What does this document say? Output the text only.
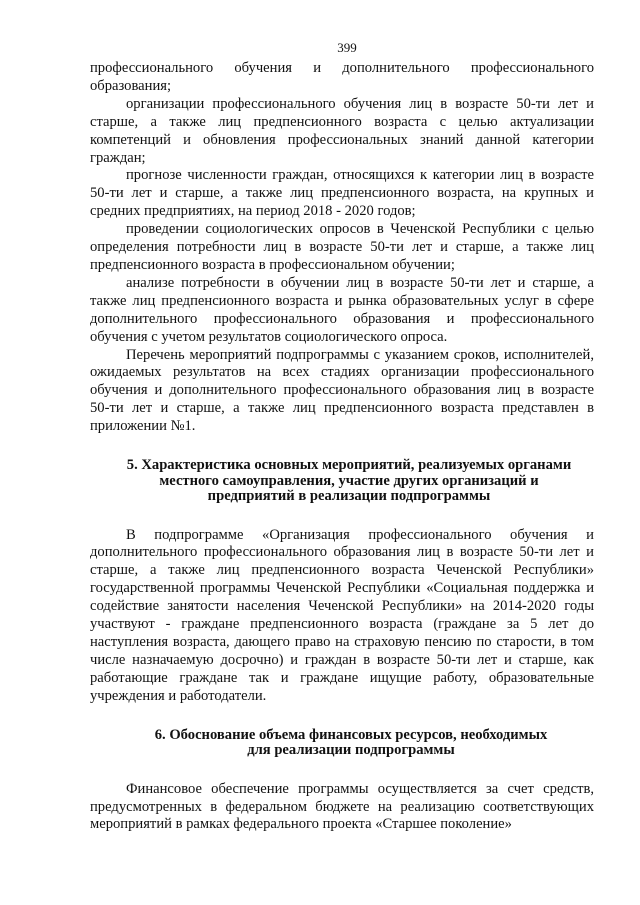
399

профессионального обучения и дополнительного профессионального образования;

организации профессионального обучения лиц в возрасте 50-ти лет и старше, а также лиц предпенсионного возраста с целью актуализации компетенций и обновления профессиональных знаний данной категории граждан;

прогнозе численности граждан, относящихся к категории лиц в возрасте 50-ти лет и старше, а также лиц предпенсионного возраста, на крупных и средних предприятиях, на период 2018 - 2020 годов;

проведении социологических опросов в Чеченской Республики с целью определения потребности лиц в возрасте 50-ти лет и старше, а также лиц предпенсионного возраста в профессиональном обучении;

анализе потребности в обучении лиц в возрасте 50-ти лет и старше, а также лиц предпенсионного возраста и рынка образовательных услуг в сфере дополнительного профессионального образования и профессионального обучения с учетом результатов социологического опроса.

Перечень мероприятий подпрограммы с указанием сроков, исполнителей, ожидаемых результатов на всех стадиях организации профессионального обучения и дополнительного профессионального образования лиц в возрасте 50-ти лет и старше, а также лиц предпенсионного возраста представлен в приложении №1.

5. Характеристика основных мероприятий, реализуемых органами
местного самоуправления, участие других организаций и
предприятий в реализации подпрограммы

В подпрограмме «Организация профессионального обучения и дополнительного профессионального образования лиц в возрасте 50-ти лет и старше, а также лиц предпенсионного возраста Чеченской Республики» государственной программы Чеченской Республики «Социальная поддержка и содействие занятости населения Чеченской Республики» на 2014-2020 годы участвуют - граждане предпенсионного возраста (граждане за 5 лет до наступления возраста, дающего право на страховую пенсию по старости, в том числе назначаемую досрочно) и граждан в возрасте 50-ти лет и старше, как работающие граждане так и граждане ищущие работу, образовательные учреждения и работодатели.

6. Обоснование объема финансовых ресурсов, необходимых
для реализации подпрограммы

Финансовое обеспечение программы осуществляется за счет средств, предусмотренных в федеральном бюджете на реализацию соответствующих мероприятий в рамках федерального проекта «Старшее поколение»
